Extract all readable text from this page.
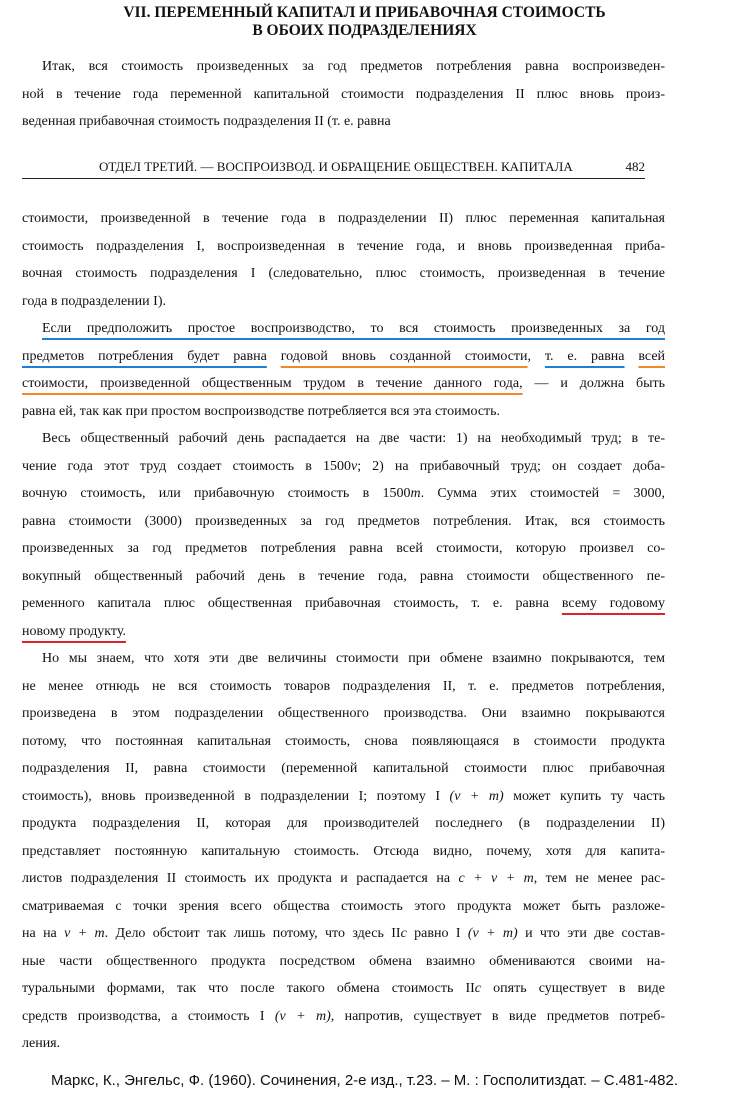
VII. ПЕРЕМЕННЫЙ КАПИТАЛ И ПРИБАВОЧНАЯ СТОИМОСТЬ
В ОБОИХ ПОДРАЗДЕЛЕНИЯХ
Итак, вся стоимость произведенных за год предметов потребления равна воспроизведен-
ной в течение года переменной капитальной стоимости подразделения II плюс вновь произ-
веденная прибавочная стоимость подразделения II (т. е. равна

ОТДЕЛ ТРЕТИЙ. — ВОСПРОИЗВОД. И ОБРАЩЕНИЕ ОБЩЕСТВЕН. КАПИТАЛА	482
стоимости, произведенной в течение года в подразделении II) плюс переменная капитальная
стоимость подразделения I, воспроизведенная в течение года, и вновь произведенная приба-
вочная стоимость подразделения I (следовательно, плюс стоимость, произведенная в течение
года в подразделении I).
Если предположить простое воспроизводство, то вся стоимость произведенных за год
предметов потребления будет равна годовой вновь созданной стоимости, т. е. равна всей
стоимости, произведенной общественным трудом в течение данного года, — и должна быть
равна ей, так как при простом воспроизводстве потребляется вся эта стоимость.
Весь общественный рабочий день распадается на две части: 1) на необходимый труд; в те-
чение года этот труд создает стоимость в 1500v; 2) на прибавочный труд; он создает доба-
вочную стоимость, или прибавочную стоимость в 1500m. Сумма этих стоимостей = 3000,
равна стоимости (3000) произведенных за год предметов потребления. Итак, вся стоимость
произведенных за год предметов потребления равна всей стоимости, которую произвел со-
вокупный общественный рабочий день в течение года, равна стоимости общественного пе-
ременного капитала плюс общественная прибавочная стоимость, т. е. равна всему годовому
новому продукту.
Но мы знаем, что хотя эти две величины стоимости при обмене взаимно покрываются, тем
не менее отнюдь не вся стоимость товаров подразделения II, т. е. предметов потребления,
произведена в этом подразделении общественного производства. Они взаимно покрываются
потому, что постоянная капитальная стоимость, снова появляющаяся в стоимости продукта
подразделения II, равна стоимости (переменной капитальной стоимости плюс прибавочная
стоимость), вновь произведенной в подразделении I; поэтому I (v + m) может купить ту часть
продукта подразделения II, которая для производителей последнего (в подразделении II)
представляет постоянную капитальную стоимость. Отсюда видно, почему, хотя для капита-
листов подразделения II стоимость их продукта и распадается на c + v + m, тем не менее рас-
сматриваемая с точки зрения всего общества стоимость этого продукта может быть разложе-
на на v + m. Дело обстоит так лишь потому, что здесь IIc равно I (v + m) и что эти две состав-
ные части общественного продукта посредством обмена взаимно обмениваются своими на-
туральными формами, так что после такого обмена стоимость IIc опять существует в виде
средств производства, а стоимость I (v + m), напротив, существует в виде предметов потреб-
ления.
Маркс, К., Энгельс, Ф. (1960). Сочинения, 2-е изд., т.23. – М. : Госполитиздат. – С.481-482.
